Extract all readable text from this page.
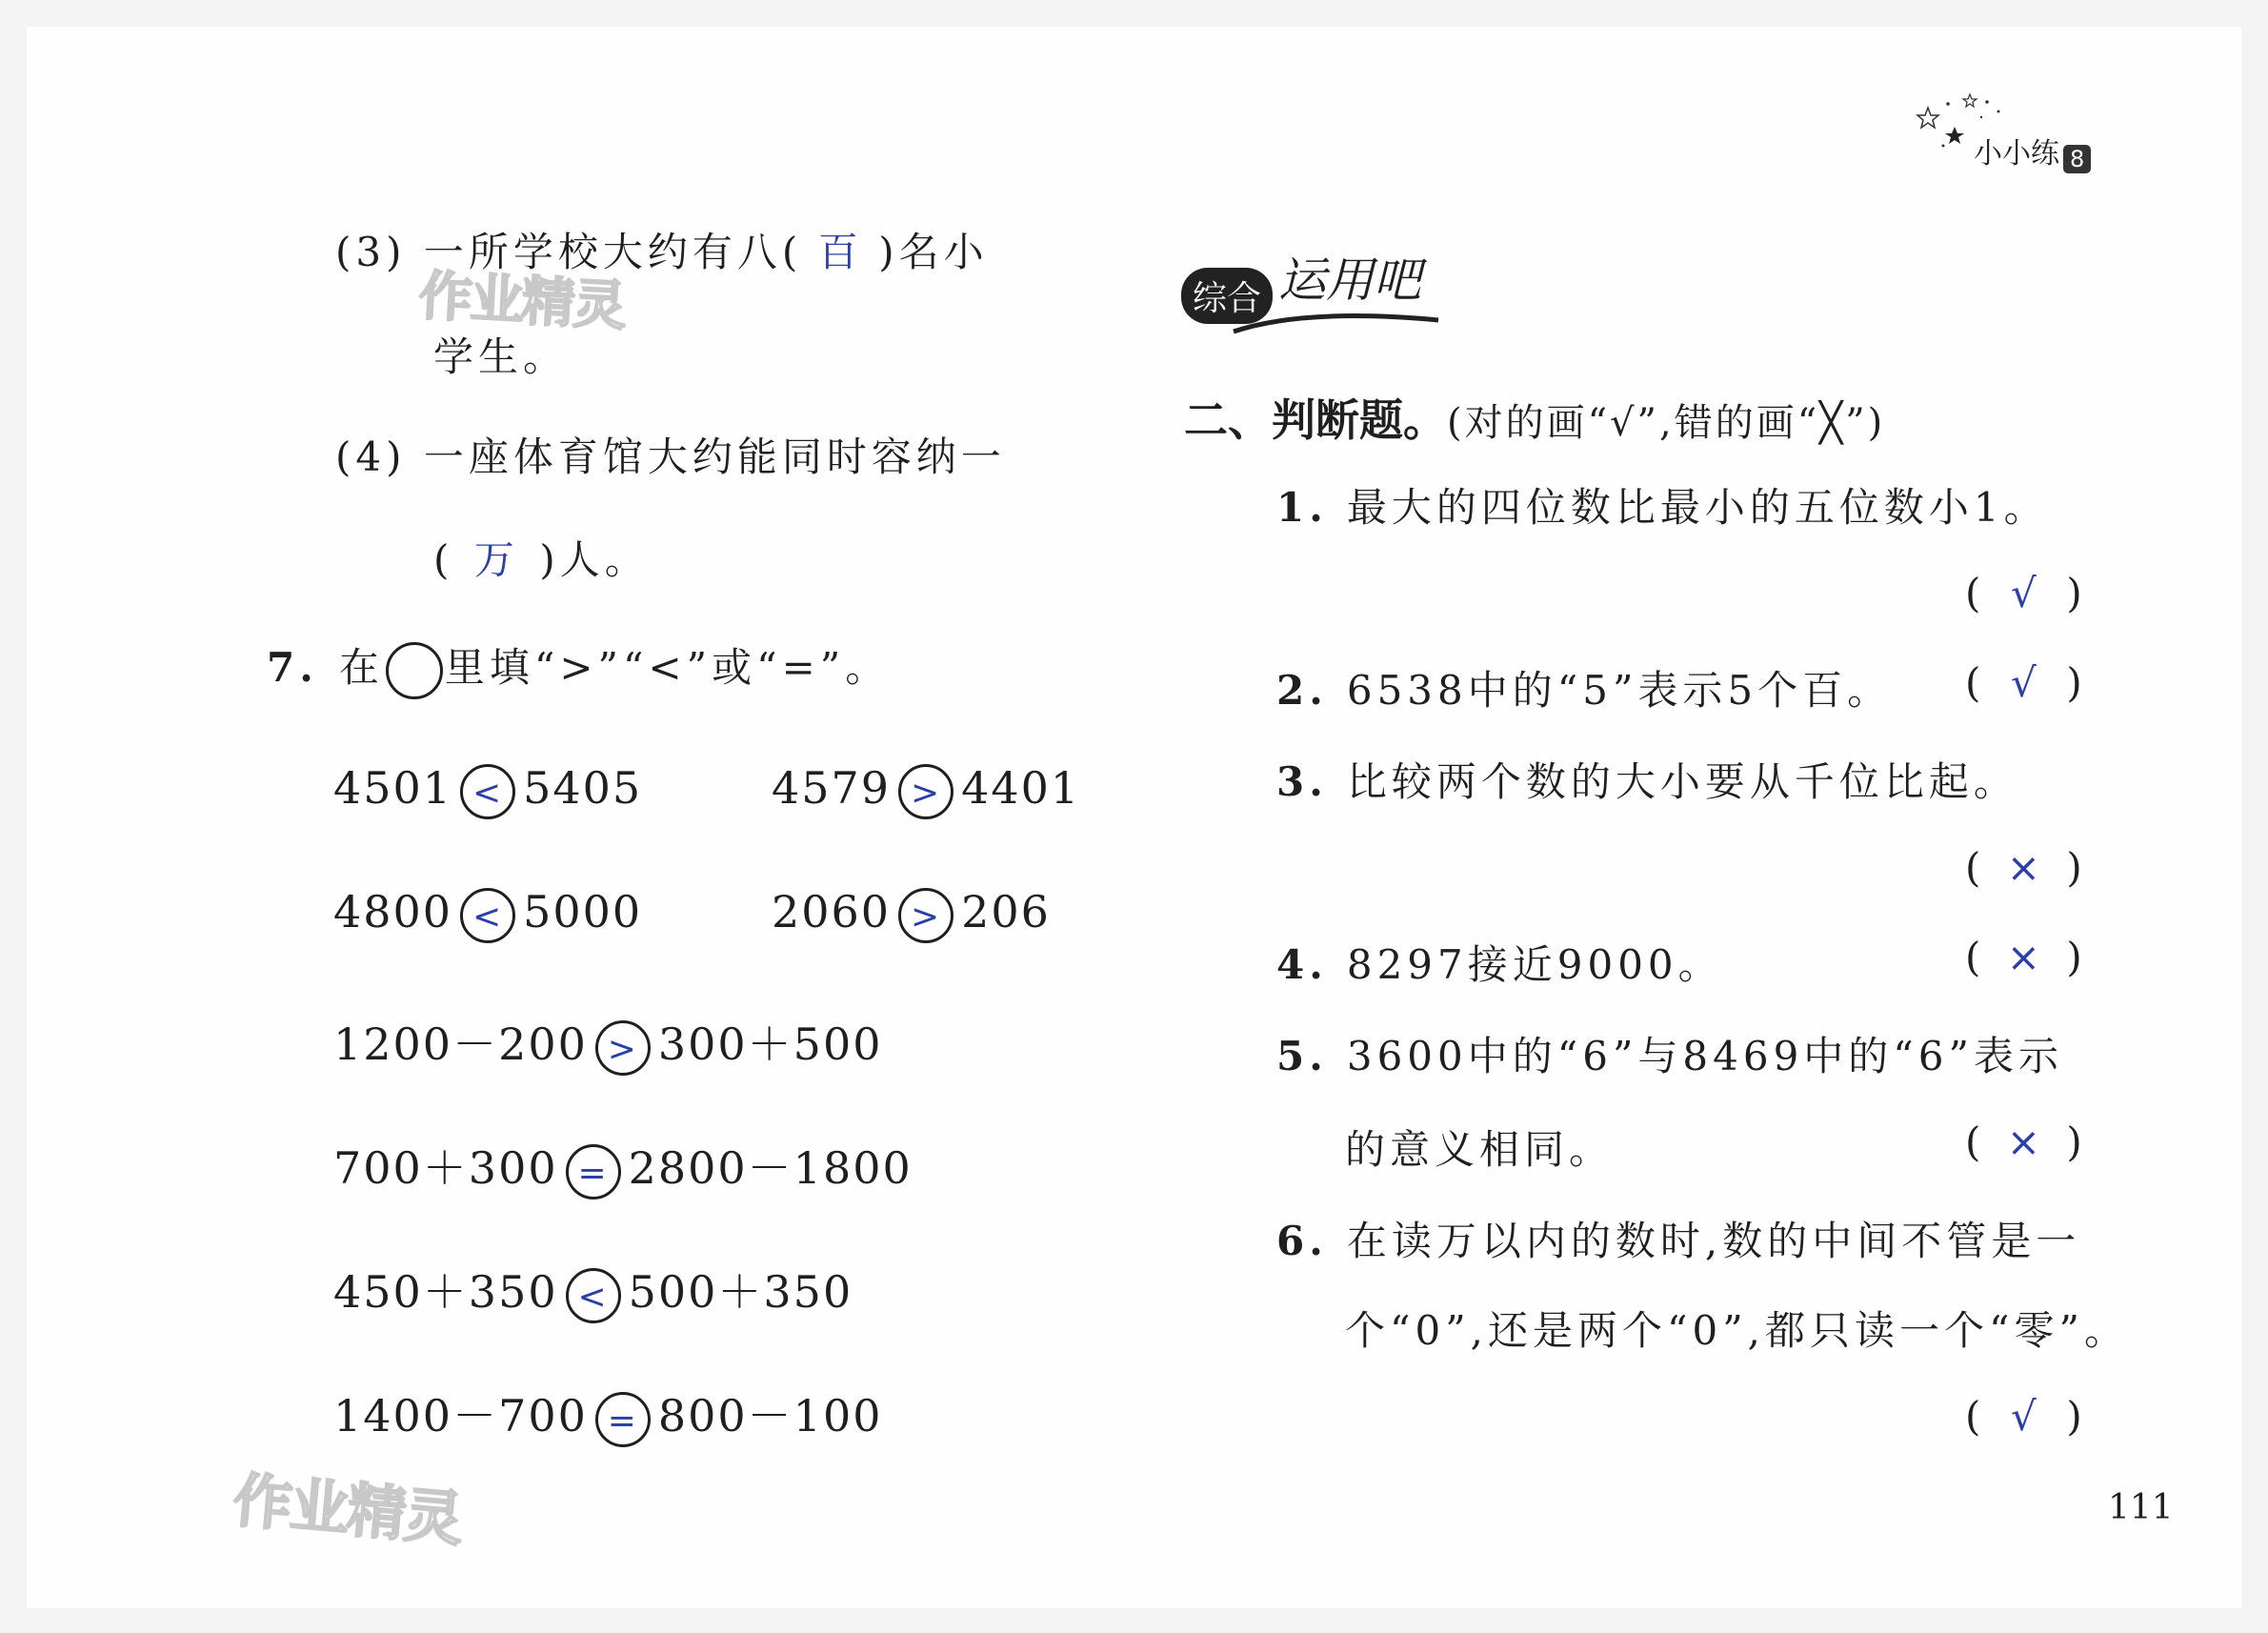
小小练 8
作业精灵
作业精灵
(3) 一所学校大约有八( 百 )名小
学生。
(4) 一座体育馆大约能同时容纳一
( 万 )人。
7. 在 里填“>”“<”或“=”。
4501 < 5405	4579 > 4401
4800 < 5000	2060 > 206
1200－200 > 300＋500
700＋300 = 2800－1800
450＋350 < 500＋350
1400－700 = 800－100
综合 运用吧
二、判断题。(对的画“√”,错的画“╳”)
1. 最大的四位数比最小的五位数小1。
( √ )
2. 6538中的“5”表示5个百。 ( √ )
3. 比较两个数的大小要从千位比起。
( × )
4. 8297接近9000。	( × )
5. 3600中的“6”与8469中的“6”表示
的意义相同。	( × )
6. 在读万以内的数时,数的中间不管是一
个“0”,还是两个“0”,都只读一个“零”。
( √ )
111
